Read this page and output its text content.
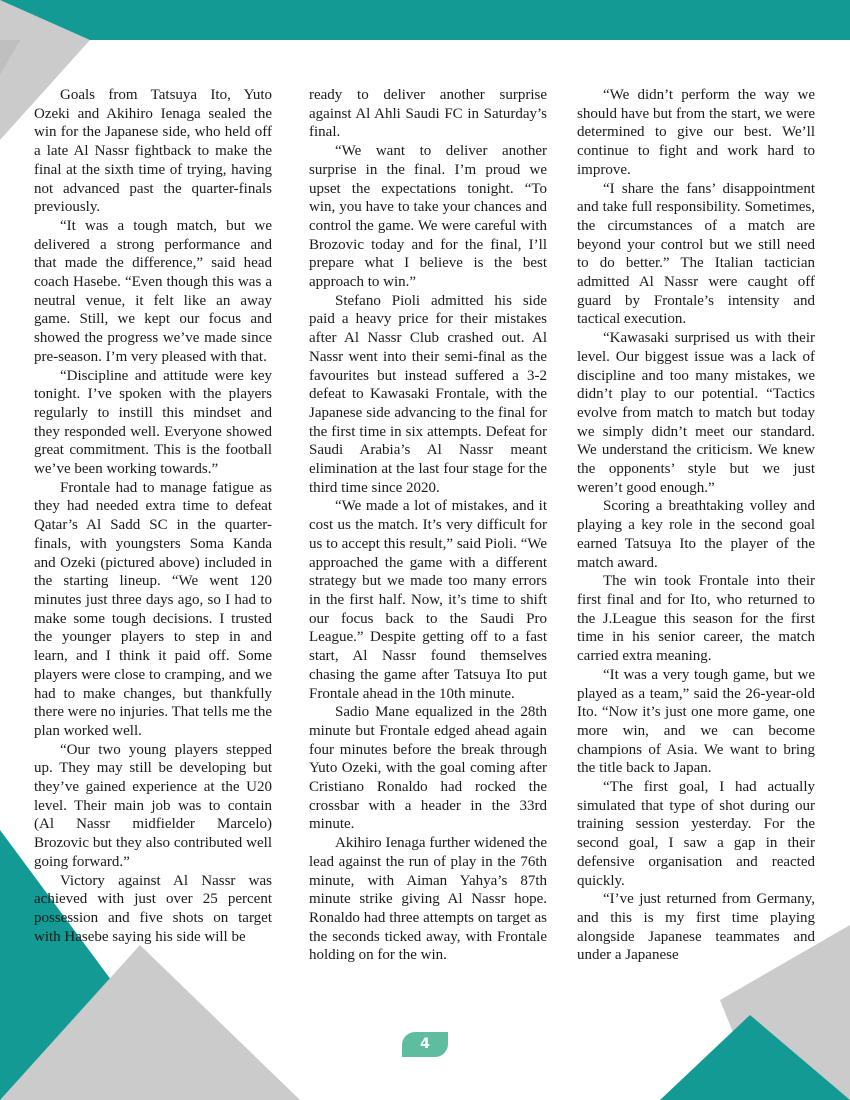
Goals from Tatsuya Ito, Yuto Ozeki and Akihiro Ienaga sealed the win for the Japanese side, who held off a late Al Nassr fightback to make the final at the sixth time of trying, having not advanced past the quarter-finals previously.

“It was a tough match, but we delivered a strong performance and that made the difference,” said head coach Hasebe. “Even though this was a neutral venue, it felt like an away game. Still, we kept our focus and showed the progress we’ve made since pre-season. I’m very pleased with that.

“Discipline and attitude were key tonight. I’ve spoken with the players regularly to instill this mindset and they responded well. Everyone showed great commitment. This is the football we’ve been working towards.”

Frontale had to manage fatigue as they had needed extra time to defeat Qatar’s Al Sadd SC in the quarter-finals, with youngsters Soma Kanda and Ozeki (pictured above) included in the starting lineup. “We went 120 minutes just three days ago, so I had to make some tough decisions. I trusted the younger players to step in and learn, and I think it paid off. Some players were close to cramping, and we had to make changes, but thankfully there were no injuries. That tells me the plan worked well.

“Our two young players stepped up. They may still be developing but they’ve gained experience at the U20 level. Their main job was to contain (Al Nassr midfielder Marcelo) Brozovic but they also contributed well going forward.”

Victory against Al Nassr was achieved with just over 25 percent possession and five shots on target with Hasebe saying his side will be

ready to deliver another surprise against Al Ahli Saudi FC in Saturday’s final.

“We want to deliver another surprise in the final. I’m proud we upset the expectations tonight. “To win, you have to take your chances and control the game. We were careful with Brozovic today and for the final, I’ll prepare what I believe is the best approach to win.”

Stefano Pioli admitted his side paid a heavy price for their mistakes after Al Nassr Club crashed out. Al Nassr went into their semi-final as the favourites but instead suffered a 3-2 defeat to Kawasaki Frontale, with the Japanese side advancing to the final for the first time in six attempts. Defeat for Saudi Arabia’s Al Nassr meant elimination at the last four stage for the third time since 2020.

“We made a lot of mistakes, and it cost us the match. It’s very difficult for us to accept this result,” said Pioli. “We approached the game with a different strategy but we made too many errors in the first half. Now, it’s time to shift our focus back to the Saudi Pro League.” Despite getting off to a fast start, Al Nassr found themselves chasing the game after Tatsuya Ito put Frontale ahead in the 10th minute.

Sadio Mane equalized in the 28th minute but Frontale edged ahead again four minutes before the break through Yuto Ozeki, with the goal coming after Cristiano Ronaldo had rocked the crossbar with a header in the 33rd minute.

Akihiro Ienaga further widened the lead against the run of play in the 76th minute, with Aiman Yahya’s 87th minute strike giving Al Nassr hope. Ronaldo had three attempts on target as the seconds ticked away, with Frontale holding on for the win.

“We didn’t perform the way we should have but from the start, we were determined to give our best. We’ll continue to fight and work hard to improve.

“I share the fans’ disappointment and take full responsibility. Sometimes, the circumstances of a match are beyond your control but we still need to do better.” The Italian tactician admitted Al Nassr were caught off guard by Frontale’s intensity and tactical execution.

“Kawasaki surprised us with their level. Our biggest issue was a lack of discipline and too many mistakes, we didn’t play to our potential. “Tactics evolve from match to match but today we simply didn’t meet our standard. We understand the criticism. We knew the opponents’ style but we just weren’t good enough.”

Scoring a breathtaking volley and playing a key role in the second goal earned Tatsuya Ito the player of the match award.

The win took Frontale into their first final and for Ito, who returned to the J.League this season for the first time in his senior career, the match carried extra meaning.

“It was a very tough game, but we played as a team,” said the 26-year-old Ito. “Now it’s just one more game, one more win, and we can become champions of Asia. We want to bring the title back to Japan.

“The first goal, I had actually simulated that type of shot during our training session yesterday. For the second goal, I saw a gap in their defensive organisation and reacted quickly.

“I’ve just returned from Germany, and this is my first time playing alongside Japanese teammates and under a Japanese

4
